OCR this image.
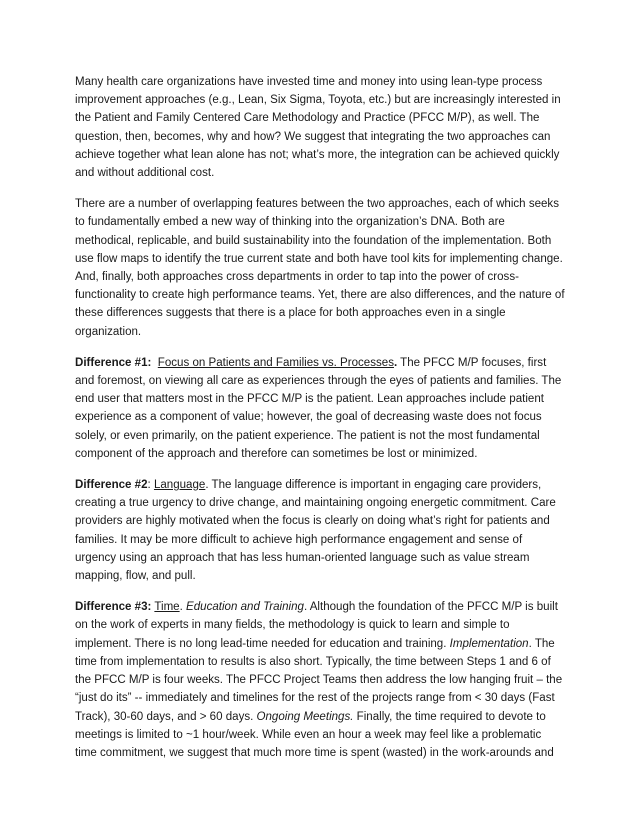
Many health care organizations have invested time and money into using lean-type process improvement approaches (e.g., Lean, Six Sigma, Toyota, etc.) but are increasingly interested in the Patient and Family Centered Care Methodology and Practice (PFCC M/P), as well. The question, then, becomes, why and how? We suggest that integrating the two approaches can achieve together what lean alone has not; what’s more, the integration can be achieved quickly and without additional cost.

There are a number of overlapping features between the two approaches, each of which seeks to fundamentally embed a new way of thinking into the organization’s DNA. Both are methodical, replicable, and build sustainability into the foundation of the implementation. Both use flow maps to identify the true current state and both have tool kits for implementing change. And, finally, both approaches cross departments in order to tap into the power of cross-functionality to create high performance teams. Yet, there are also differences, and the nature of these differences suggests that there is a place for both approaches even in a single organization.

Difference #1: Focus on Patients and Families vs. Processes. The PFCC M/P focuses, first and foremost, on viewing all care as experiences through the eyes of patients and families. The end user that matters most in the PFCC M/P is the patient. Lean approaches include patient experience as a component of value; however, the goal of decreasing waste does not focus solely, or even primarily, on the patient experience. The patient is not the most fundamental component of the approach and therefore can sometimes be lost or minimized.

Difference #2: Language. The language difference is important in engaging care providers, creating a true urgency to drive change, and maintaining ongoing energetic commitment. Care providers are highly motivated when the focus is clearly on doing what’s right for patients and families. It may be more difficult to achieve high performance engagement and sense of urgency using an approach that has less human-oriented language such as value stream mapping, flow, and pull.

Difference #3: Time. Education and Training. Although the foundation of the PFCC M/P is built on the work of experts in many fields, the methodology is quick to learn and simple to implement. There is no long lead-time needed for education and training. Implementation. The time from implementation to results is also short. Typically, the time between Steps 1 and 6 of the PFCC M/P is four weeks. The PFCC Project Teams then address the low hanging fruit – the “just do its” -- immediately and timelines for the rest of the projects range from < 30 days (Fast Track), 30-60 days, and > 60 days. Ongoing Meetings. Finally, the time required to devote to meetings is limited to ~1 hour/week. While even an hour a week may feel like a problematic time commitment, we suggest that much more time is spent (wasted) in the work-arounds and
